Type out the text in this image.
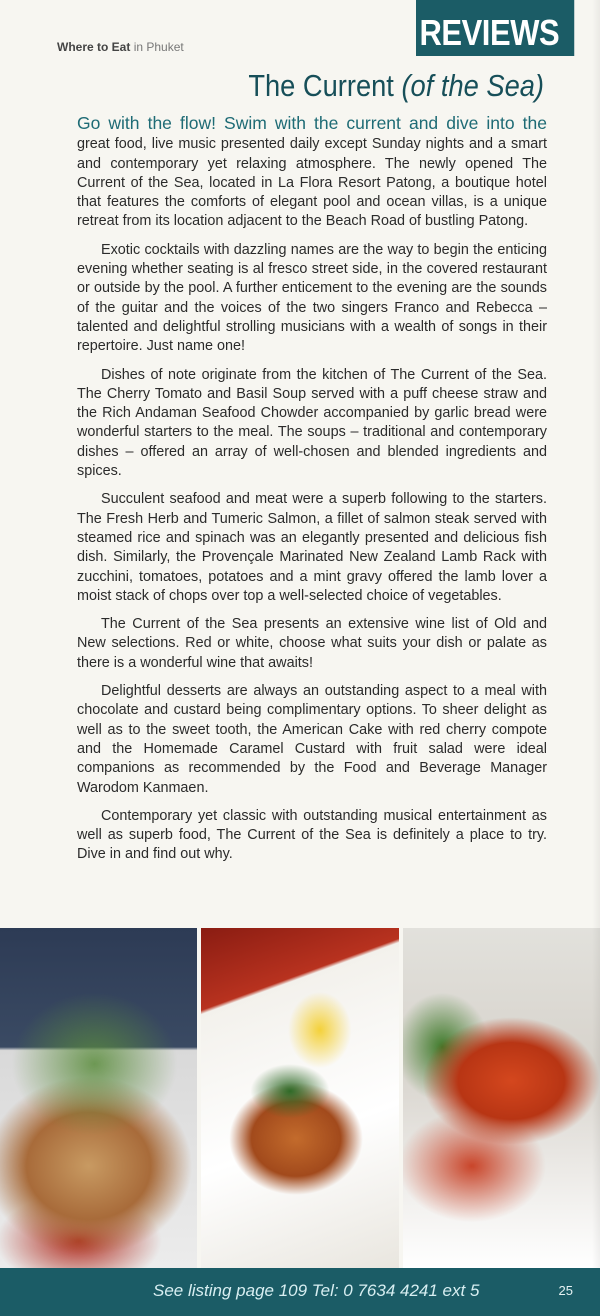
REVIEWS
Where to Eat in Phuket
The Current (of the Sea)

Go with the flow! Swim with the current and dive into the great food, live music presented daily except Sunday nights and a smart and contemporary yet relaxing atmosphere. The newly opened The Current of the Sea, located in La Flora Resort Patong, a boutique hotel that features the comforts of elegant pool and ocean villas, is a unique retreat from its location adjacent to the Beach Road of bustling Patong.

Exotic cocktails with dazzling names are the way to begin the enticing evening whether seating is al fresco street side, in the covered restaurant or outside by the pool. A further enticement to the evening are the sounds of the guitar and the voices of the two singers Franco and Rebecca – talented and delightful strolling musicians with a wealth of songs in their repertoire. Just name one!

Dishes of note originate from the kitchen of The Current of the Sea. The Cherry Tomato and Basil Soup served with a puff cheese straw and the Rich Andaman Seafood Chowder accompanied by garlic bread were wonderful starters to the meal. The soups – traditional and contemporary dishes – offered an array of well-chosen and blended ingredients and spices.

Succulent seafood and meat were a superb following to the starters. The Fresh Herb and Tumeric Salmon, a fillet of salmon steak served with steamed rice and spinach was an elegantly presented and delicious fish dish. Similarly, the Provençale Marinated New Zealand Lamb Rack with zucchini, tomatoes, potatoes and a mint gravy offered the lamb lover a moist stack of chops over top a well-selected choice of vegetables.

The Current of the Sea presents an extensive wine list of Old and New selections. Red or white, choose what suits your dish or palate as there is a wonderful wine that awaits!

Delightful desserts are always an outstanding aspect to a meal with chocolate and custard being complimentary options. To sheer delight as well as to the sweet tooth, the American Cake with red cherry compote and the Homemade Caramel Custard with fruit salad were ideal companions as recommended by the Food and Beverage Manager Warodom Kanmaen.

Contemporary yet classic with outstanding musical entertainment as well as superb food, The Current of the Sea is definitely a place to try. Dive in and find out why.

See listing page 109 Tel: 0 7634 4241 ext 5	25
